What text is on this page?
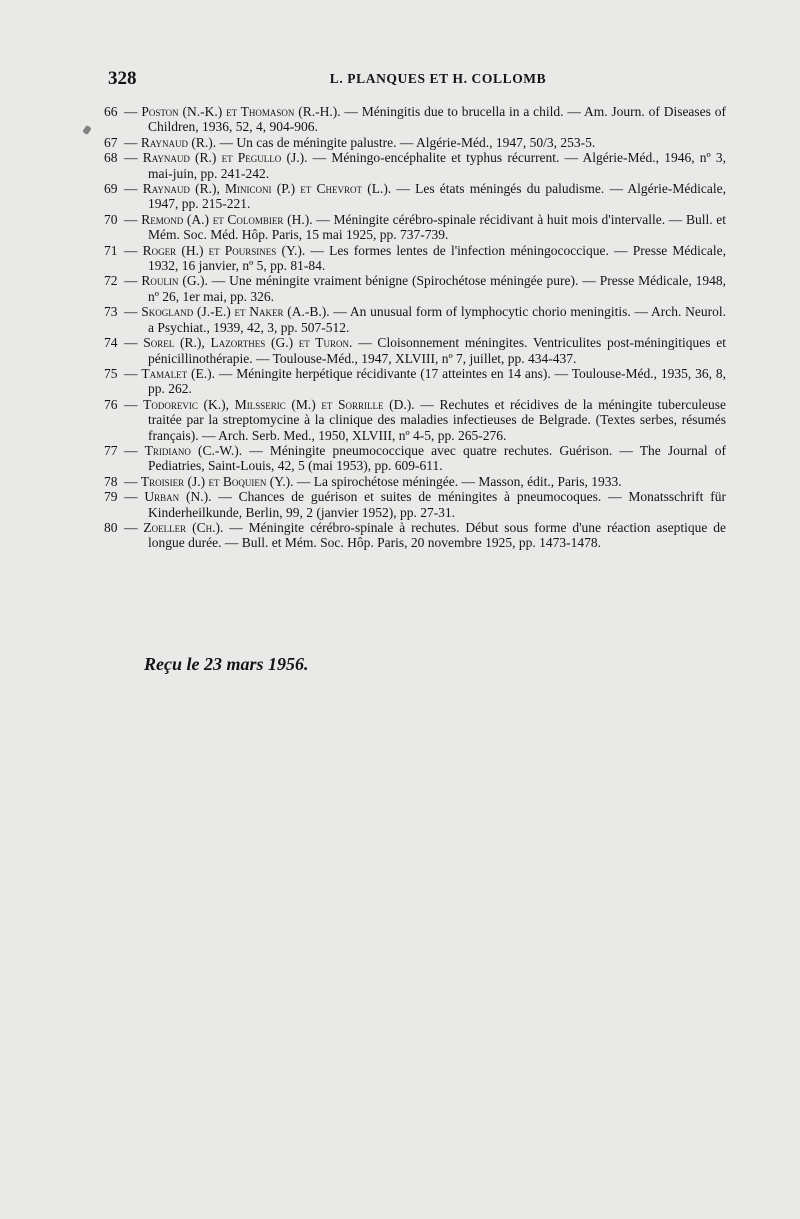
328	L. PLANQUES ET H. COLLOMB

66 — Poston (N.-K.) et Thomason (R.-H.). — Méningitis due to brucella in a child. — Am. Journ. of Diseases of Children, 1936, 52, 4, 904-906.

67 — Raynaud (R.). — Un cas de méningite palustre. — Algérie-Méd., 1947, 50/3, 253-5.

68 — Raynaud (R.) et Pegullo (J.). — Méningo-encéphalite et typhus récurrent. — Algérie-Méd., 1946, nº 3, mai-juin, pp. 241-242.

69 — Raynaud (R.), Miniconi (P.) et Chevrot (L.). — Les états méningés du paludisme. — Algérie-Médicale, 1947, pp. 215-221.

70 — Remond (A.) et Colombier (H.). — Méningite cérébro-spinale récidivant à huit mois d'intervalle. — Bull. et Mém. Soc. Méd. Hôp. Paris, 15 mai 1925, pp. 737-739.

71 — Roger (H.) et Poursines (Y.). — Les formes lentes de l'infection méningococcique. — Presse Médicale, 1932, 16 janvier, nº 5, pp. 81-84.

72 — Roulin (G.). — Une méningite vraiment bénigne (Spirochétose méningée pure). — Presse Médicale, 1948, nº 26, 1er mai, pp. 326.

73 — Skogland (J.-E.) et Naker (A.-B.). — An unusual form of lymphocytic chorio meningitis. — Arch. Neurol. a Psychiat., 1939, 42, 3, pp. 507-512.

74 — Sorel (R.), Lazorthes (G.) et Turon. — Cloisonnement méningites. Ventriculites post-méningitiques et pénicillinothérapie. — Toulouse-Méd., 1947, XLVIII, nº 7, juillet, pp. 434-437.

75 — Tamalet (E.). — Méningite herpétique récidivante (17 atteintes en 14 ans). — Toulouse-Méd., 1935, 36, 8, pp. 262.

76 — Todorevic (K.), Milsseric (M.) et Sorrille (D.). — Rechutes et récidives de la méningite tuberculeuse traitée par la streptomycine à la clinique des maladies infectieuses de Belgrade. (Textes serbes, résumés français). — Arch. Serb. Med., 1950, XLVIII, nº 4-5, pp. 265-276.

77 — Tridiano (C.-W.). — Méningite pneumococcique avec quatre rechutes. Guérison. — The Journal of Pediatries, Saint-Louis, 42, 5 (mai 1953), pp. 609-611.

78 — Troisier (J.) et Boquien (Y.). — La spirochétose méningée. — Masson, édit., Paris, 1933.

79 — Urban (N.). — Chances de guérison et suites de méningites à pneumocoques. — Monatsschrift für Kinderheilkunde, Berlin, 99, 2 (janvier 1952), pp. 27-31.

80 — Zoeller (Ch.). — Méningite cérébro-spinale à rechutes. Début sous forme d'une réaction aseptique de longue durée. — Bull. et Mém. Soc. Hôp. Paris, 20 novembre 1925, pp. 1473-1478.

Reçu le 23 mars 1956.
